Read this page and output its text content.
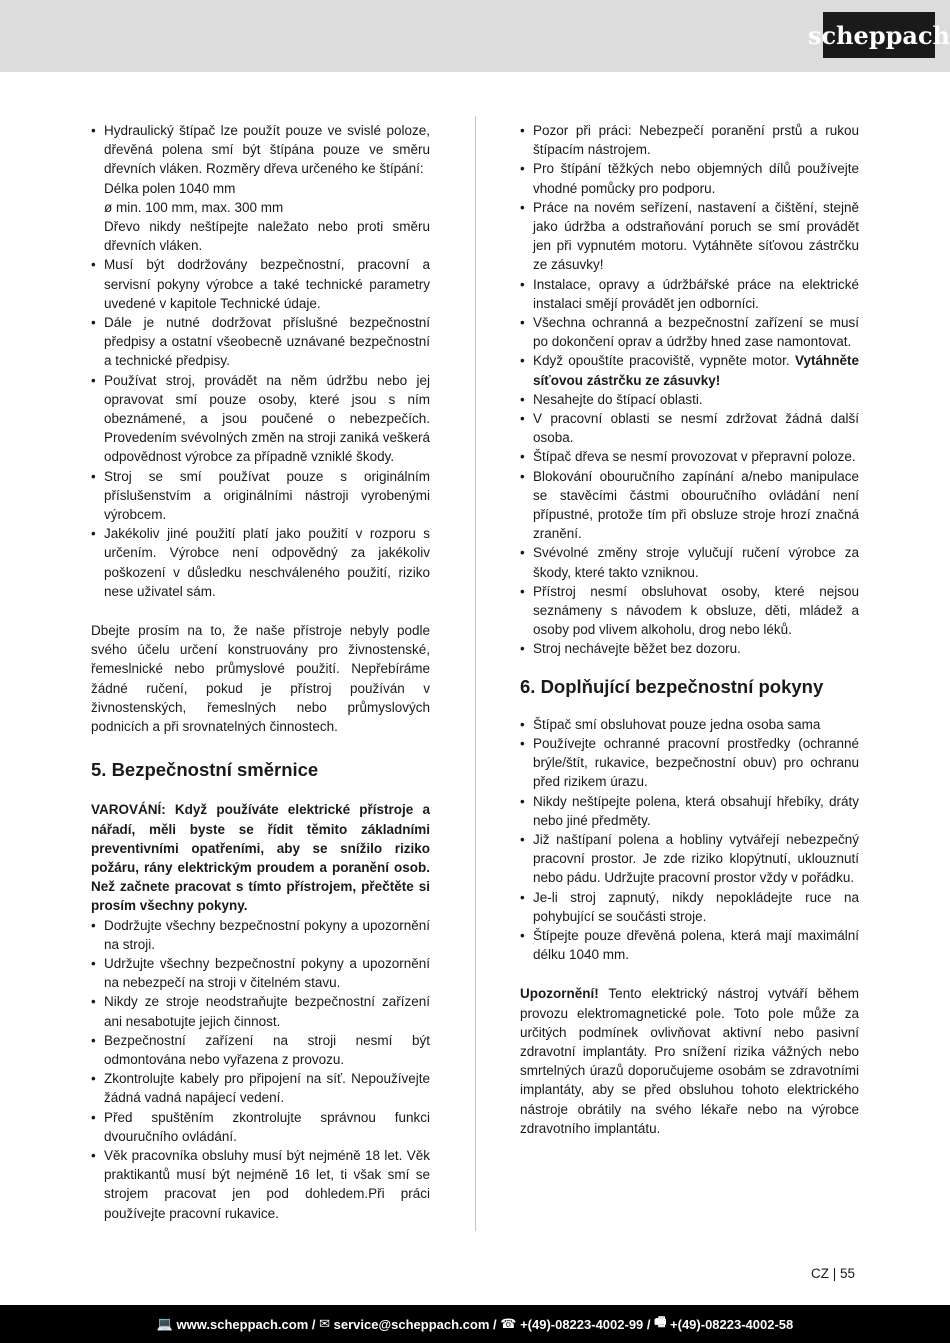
scheppach
• Hydraulický štípač lze použít pouze ve svislé poloze, dřevěná polena smí být štípána pouze ve směru dřevních vláken. Rozměry dřeva určeného ke štípání:
Délka polen 1040 mm
ø min. 100 mm, max. 300 mm
Dřevo nikdy neštípejte naležato nebo proti směru dřevních vláken.
• Musí být dodržovány bezpečnostní, pracovní a servisní pokyny výrobce a také technické parametry uvedené v kapitole Technické údaje.
• Dále je nutné dodržovat příslušné bezpečnostní předpisy a ostatní všeobecně uznávané bezpečnostní a technické předpisy.
• Používat stroj, provádět na něm údržbu nebo jej opravovat smí pouze osoby, které jsou s ním obeznámené, a jsou poučené o nebezpečích. Provedením svévolných změn na stroji zaniká veškerá odpovědnost výrobce za případně vzniklé škody.
• Stroj se smí používat pouze s originálním příslušenstvím a originálními nástroji vyrobenými výrobcem.
• Jakékoliv jiné použití platí jako použití v rozporu s určením. Výrobce není odpovědný za jakékoliv poškození v důsledku neschváleného použití, riziko nese uživatel sám.

Dbejte prosím na to, že naše přístroje nebyly podle svého účelu určení konstruovány pro živnostenské, řemeslnické nebo průmyslové použití. Nepřebíráme žádné ručení, pokud je přístroj používán v živnostenských, řemeslných nebo průmyslových podnicích a při srovnatelných činnostech.

5. Bezpečnostní směrnice

VAROVÁNÍ: Když používáte elektrické přístroje a nářadí, měli byste se řídit těmito základními preventivními opatřeními, aby se snížilo riziko požáru, rány elektrickým proudem a poranění osob. Než začnete pracovat s tímto přístrojem, přečtěte si prosím všechny pokyny.

• Dodržujte všechny bezpečnostní pokyny a upozornění na stroji.
• Udržujte všechny bezpečnostní pokyny a upozornění na nebezpečí na stroji v čitelném stavu.
• Nikdy ze stroje neodstraňujte bezpečnostní zařízení ani nesabotujte jejich činnost.
• Bezpečnostní zařízení na stroji nesmí být odmontována nebo vyřazena z provozu.
• Zkontrolujte kabely pro připojení na síť. Nepoužívejte žádná vadná napájecí vedení.
• Před spuštěním zkontrolujte správnou funkci dvouručního ovládání.
• Věk pracovníka obsluhy musí být nejméně 18 let. Věk praktikantů musí být nejméně 16 let, ti však smí se strojem pracovat jen pod dohledem.Při práci používejte pracovní rukavice.
• Pozor při práci: Nebezpečí poranění prstů a rukou štípacím nástrojem.
• Pro štípání těžkých nebo objemných dílů používejte vhodné pomůcky pro podporu.
• Práce na novém seřízení, nastavení a čištění, stejně jako údržba a odstraňování poruch se smí provádět jen při vypnutém motoru. Vytáhněte síťovou zástrčku ze zásuvky!
• Instalace, opravy a údržbářské práce na elektrické instalaci smějí provádět jen odborníci.
• Všechna ochranná a bezpečnostní zařízení se musí po dokončení oprav a údržby hned zase namontovat.
• Když opouštíte pracoviště, vypněte motor. Vytáhněte síťovou zástrčku ze zásuvky!
• Nesahejte do štípací oblasti.
• V pracovní oblasti se nesmí zdržovat žádná další osoba.
• Štípač dřeva se nesmí provozovat v přepravní poloze.
• Blokování obouručního zapínání a/nebo manipulace se stavěcími částmi obouručního ovládání není přípustné, protože tím při obsluze stroje hrozí značná zranění.
• Svévolné změny stroje vylučují ručení výrobce za škody, které takto vzniknou.
• Přístroj nesmí obsluhovat osoby, které nejsou seznámeny s návodem k obsluze, děti, mládež a osoby pod vlivem alkoholu, drog nebo léků.
• Stroj nechávejte běžet bez dozoru.
6. Doplňující bezpečnostní pokyny
• Štípač smí obsluhovat pouze jedna osoba sama
• Používejte ochranné pracovní prostředky (ochranné brýle/štít, rukavice, bezpečnostní obuv) pro ochranu před rizikem úrazu.
• Nikdy neštípejte polena, která obsahují hřebíky, dráty nebo jiné předměty.
• Již naštípaní polena a hobliny vytvářejí nebezpečný pracovní prostor. Je zde riziko klopýtnutí, uklouznutí nebo pádu. Udržujte pracovní prostor vždy v pořádku.
• Je-li stroj zapnutý, nikdy nepokládejte ruce na pohybující se součásti stroje.
• Štípejte pouze dřevěná polena, která mají maximální délku 1040 mm.

Upozornění! Tento elektrický nástroj vytváří během provozu elektromagnetické pole. Toto pole může za určitých podmínek ovlivňovat aktivní nebo pasivní zdravotní implantáty. Pro snížení rizika vážných nebo smrtelných úrazů doporučujeme osobám se zdravotními implantáty, aby se před obsluhou tohoto elektrického nástroje obrátily na svého lékaře nebo na výrobce zdravotního implantátu.

CZ | 55
💻 www.scheppach.com / ✉ service@scheppach.com / ☎ +(49)-08223-4002-99 / 🖷 +(49)-08223-4002-58
